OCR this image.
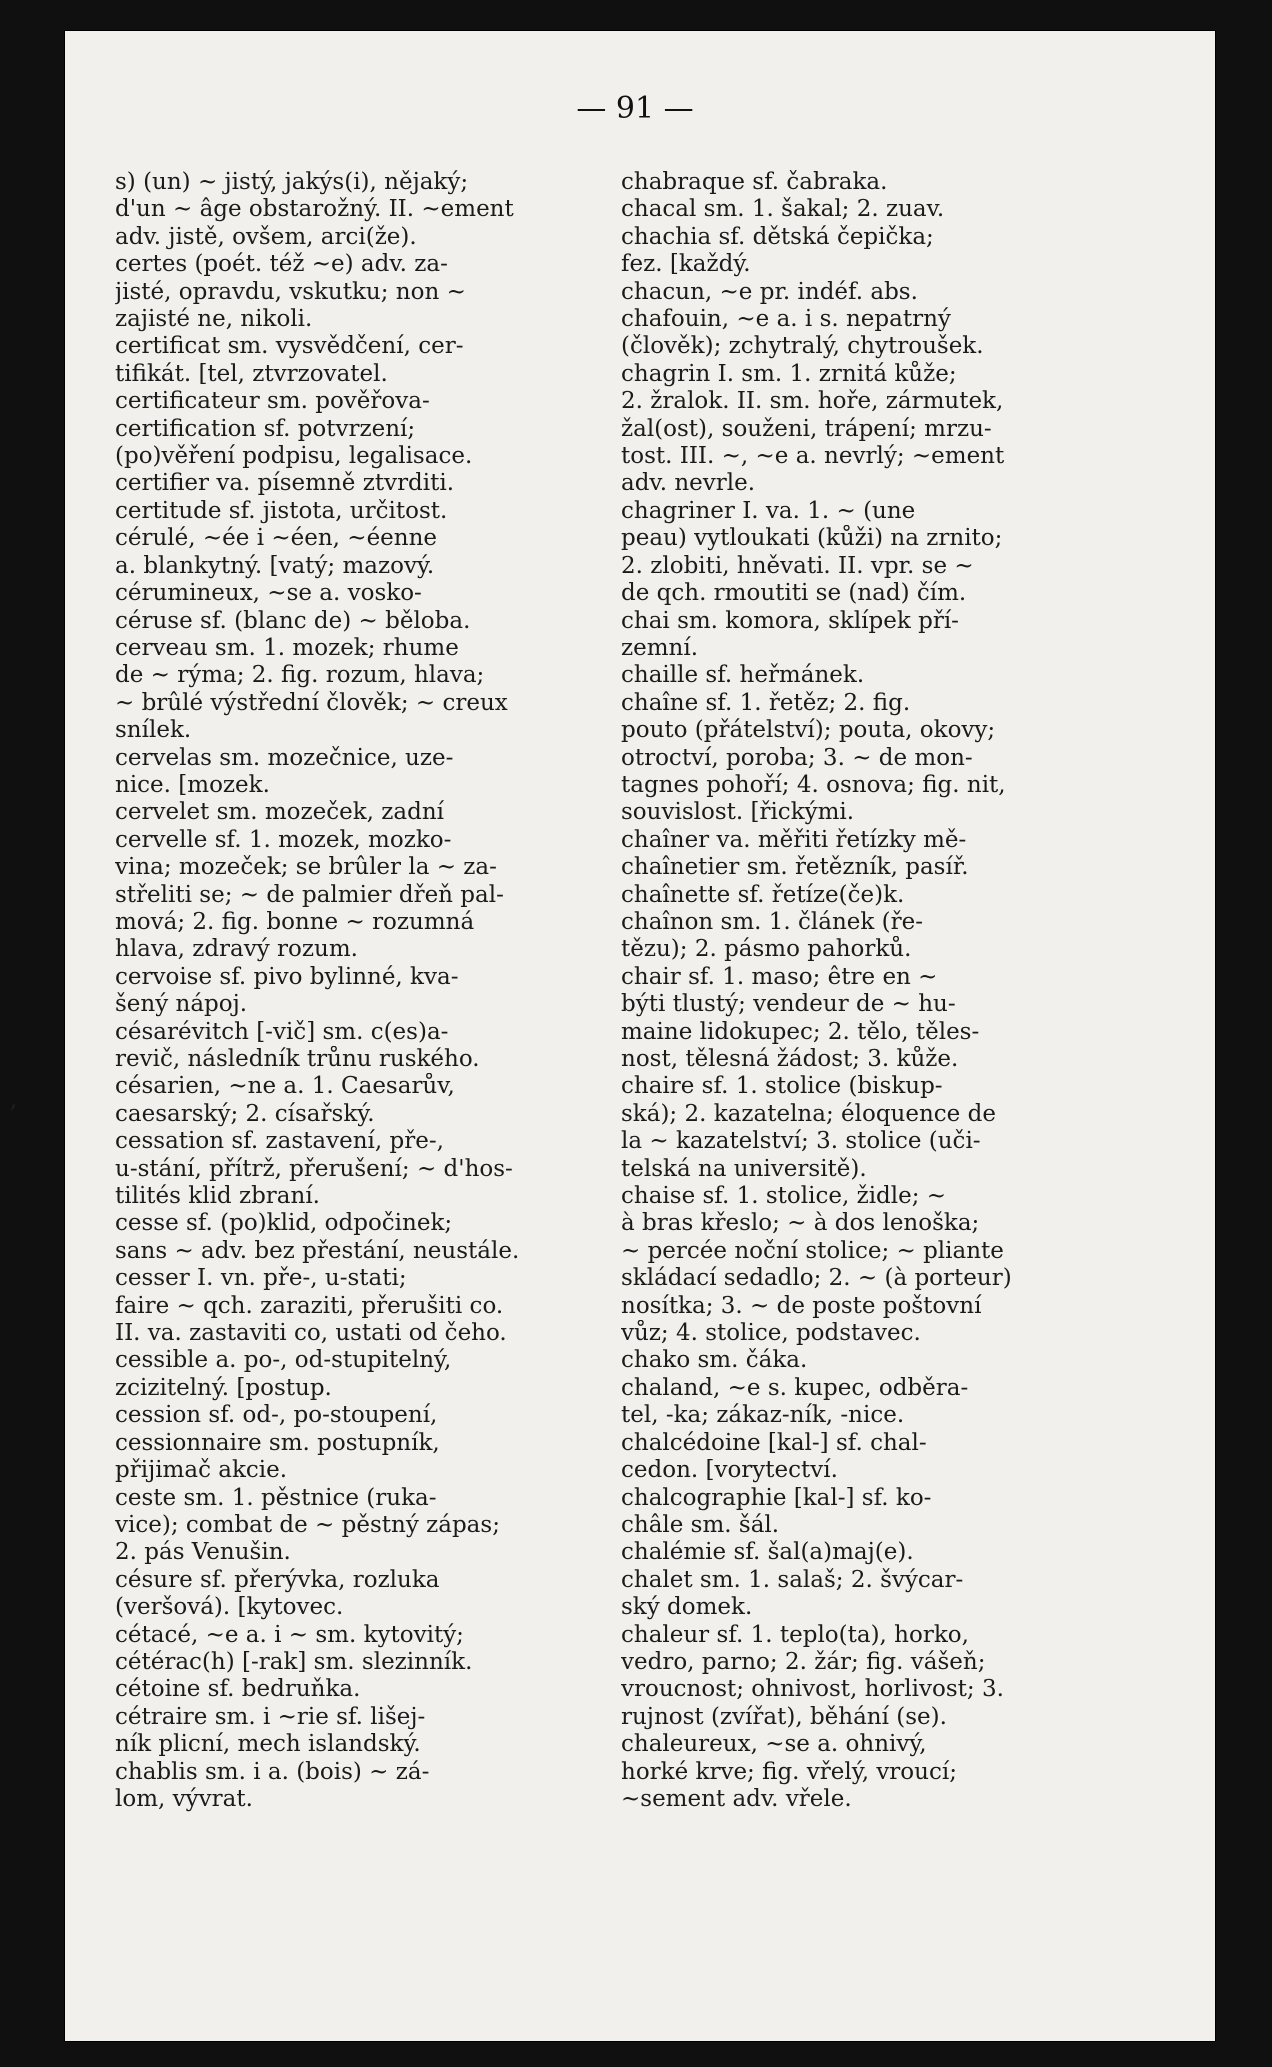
— 91 —
s) (un) ~ jistý, jakýs(i), nějaký;
d'un ~ âge obstarožný. II. ~ement
adv. jistě, ovšem, arci(že).
certes (poét. též ~e) adv. za-
jisté, opravdu, vskutku; non ~
zajisté ne, nikoli.
certificat sm. vysvědčení, cer-
tifikát. [tel, ztvrzovatel.
certificateur sm. pověřova-
certification sf. potvrzení;
(po)věření podpisu, legalisace.
certifier va. písemně ztvrditi.
certitude sf. jistota, určitost.
cérulé, ~ée i ~éen, ~éenne
a. blankytný. [vatý; mazový.
cérumineux, ~se a. vosko-
céruse sf. (blanc de) ~ běloba.
cerveau sm. 1. mozek; rhume
de ~ rýma; 2. fig. rozum, hlava;
~ brûlé výstřední člověk; ~ creux
snílek.
cervelas sm. mozečnice, uze-
nice. [mozek.
cervelet sm. mozeček, zadní
cervelle sf. 1. mozek, mozko-
vina; mozeček; se brûler la ~ za-
střeliti se; ~ de palmier dřeň pal-
mová; 2. fig. bonne ~ rozumná
hlava, zdravý rozum.
cervoise sf. pivo bylinné, kva-
šený nápoj.
césarévitch [-vič] sm. c(es)a-
revič, následník trůnu ruského.
césarien, ~ne a. 1. Caesarův,
caesarský; 2. císařský.
cessation sf. zastavení, pře-,
u-stání, přítrž, přerušení; ~ d'hos-
tilités klid zbraní.
cesse sf. (po)klid, odpočinek;
sans ~ adv. bez přestání, neustále.
cesser I. vn. pře-, u-stati;
faire ~ qch. zaraziti, přerušiti co.
II. va. zastaviti co, ustati od čeho.
cessible a. po-, od-stupitelný,
zcizitelný. [postup.
cession sf. od-, po-stoupení,
cessionnaire sm. postupník,
přijimač akcie.
ceste sm. 1. pěstnice (ruka-
vice); combat de ~ pěstný zápas;
2. pás Venušin.
césure sf. přerývka, rozluka
(veršová). [kytovec.
cétacé, ~e a. i ~ sm. kytovitý;
cétérac(h) [-rak] sm. slezinník.
cétoine sf. bedruňka.
cétraire sm. i ~rie sf. lišej-
ník plicní, mech islandský.
chablis sm. i a. (bois) ~ zá-
lom, vývrat.
chabraque sf. čabraka.
chacal sm. 1. šakal; 2. zuav.
chachia sf. dětská čepička;
fez. [každý.
chacun, ~e pr. indéf. abs.
chafouin, ~e a. i s. nepatrný
(člověk); zchytralý, chytroušek.
chagrin I. sm. 1. zrnitá kůže;
2. žralok. II. sm. hoře, zármutek,
žal(ost), souženi, trápení; mrzu-
tost. III. ~, ~e a. nevrlý; ~ement
adv. nevrle.
chagriner I. va. 1. ~ (une
peau) vytloukati (kůži) na zrnito;
2. zlobiti, hněvati. II. vpr. se ~
de qch. rmoutiti se (nad) čím.
chai sm. komora, sklípek pří-
zemní.
chaille sf. heřmánek.
chaîne sf. 1. řetěz; 2. fig.
pouto (přátelství); pouta, okovy;
otroctví, poroba; 3. ~ de mon-
tagnes pohoří; 4. osnova; fig. nit,
souvislost. [řickými.
chaîner va. měřiti řetízky mě-
chaînetier sm. řetězník, pasíř.
chaînette sf. řetíze(če)k.
chaînon sm. 1. článek (ře-
tězu); 2. pásmo pahorků.
chair sf. 1. maso; être en ~
býti tlustý; vendeur de ~ hu-
maine lidokupec; 2. tělo, těles-
nost, tělesná žádost; 3. kůže.
chaire sf. 1. stolice (biskup-
ská); 2. kazatelna; éloquence de
la ~ kazatelství; 3. stolice (uči-
telská na universitě).
chaise sf. 1. stolice, židle; ~
à bras křeslo; ~ à dos lenoška;
~ percée noční stolice; ~ pliante
skládací sedadlo; 2. ~ (à porteur)
nosítka; 3. ~ de poste poštovní
vůz; 4. stolice, podstavec.
chako sm. čáka.
chaland, ~e s. kupec, odběra-
tel, -ka; zákaz-ník, -nice.
chalcédoine [kal-] sf. chal-
cedon. [vorytectví.
chalcographie [kal-] sf. ko-
châle sm. šál.
chalémie sf. šal(a)maj(e).
chalet sm. 1. salaš; 2. švýcar-
ský domek.
chaleur sf. 1. teplo(ta), horko,
vedro, parno; 2. žár; fig. vášeň;
vroucnost; ohnivost, horlivost; 3.
rujnost (zvířat), běhání (se).
chaleureux, ~se a. ohnivý,
horké krve; fig. vřelý, vroucí;
~sement adv. vřele.
,
